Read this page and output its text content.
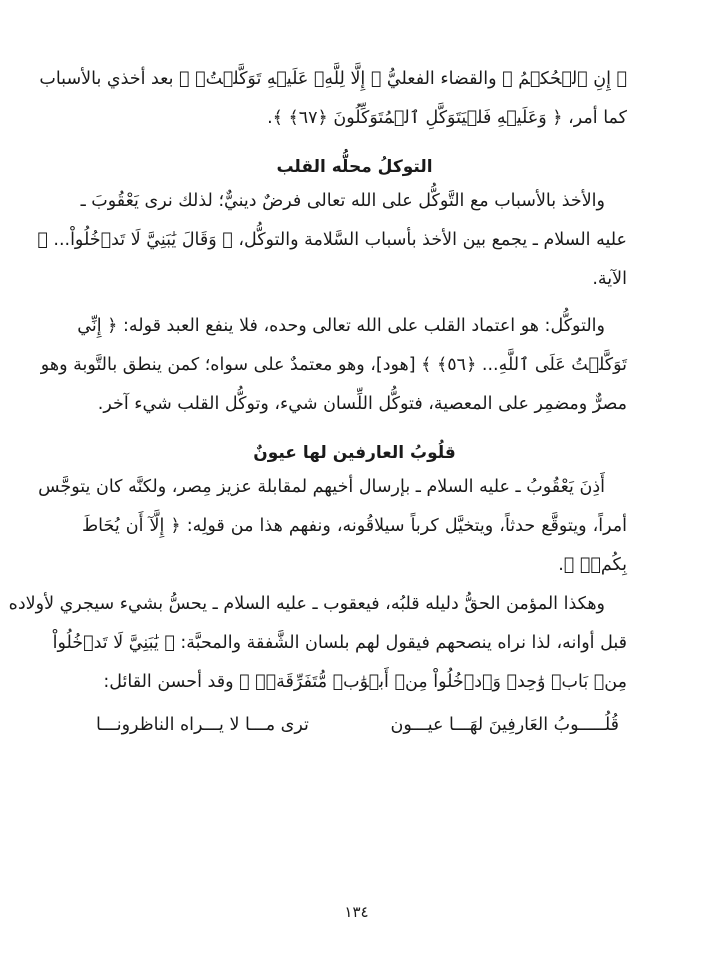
﴿ إِنِ ٱلۡحُكۡمُ ﴾ والقضاء الفعليُّ ﴿ إِلَّا لِلَّهِۖ عَلَيۡهِ تَوَكَّلۡتُۖ ﴾ بعد أخذي بالأسباب
كما أمر، ﴿ وَعَلَيۡهِ فَلۡيَتَوَكَّلِ ٱلۡمُتَوَكِّلُونَ ﴿٦٧﴾ ﴾.
التوكلُ محلُّه القلب
والأخذ بالأسباب مع التَّوكُّل على الله تعالى فرضٌ دينيٌّ؛ لذلك نرى يَعْقُوبَ ـ
عليه السلام ـ يجمع بين الأخذ بأسباب السَّلامة والتوكُّل، ﴿ وَقَالَ يَٰبَنِيَّ لَا تَدۡخُلُواْ... ﴾
الآية.
والتوكُّل: هو اعتماد القلب على الله تعالى وحده، فلا ينفع العبد قوله: ﴿ إِنِّي
تَوَكَّلۡتُ عَلَى ٱللَّهِ... ﴿٥٦﴾ ﴾ [هود]، وهو معتمدٌ على سواه؛ كمن ينطق بالتَّوبة وهو
مصرٌّ ومضمِر على المعصية، فتوكُّل اللِّسان شيء، وتوكُّل القلب شيء آخر.
قلُوبُ العارفين لها عيونٌ
أَذِنَ يَعْقُوبُ ـ عليه السلام ـ بإرسال أخيهم لمقابلة عزيز مِصر، ولكنَّه كان يتوجَّس
أمراً، ويتوقَّع حدثاً، ويتخيَّل كرباً سيلاقُونه، ونفهم هذا من قولِه: ﴿ إِلَّآ أَن يُحَاطَ
بِكُمۡۖ ﴾.
وهكذا المؤمن الحقُّ دليله قلبُه، فيعقوب ـ عليه السلام ـ يحسُّ بشيء سيجري لأولاده
قبل أوانه، لذا نراه ينصحهم فيقول لهم بلسان الشَّفقة والمحبَّة: ﴿ يَٰبَنِيَّ لَا تَدۡخُلُواْ
مِنۢ بَابٖ وَٰحِدٖ وَٱدۡخُلُواْ مِنۡ أَبۡوَٰبٖ مُّتَفَرِّقَةٖۖ ﴾ وقد أحسن القائل:
قُلُـــــوبُ العَارفِينَ لهَـــا عيـــون
ترى مـــا لا يـــراه الناظرونـــا
١٣٤
